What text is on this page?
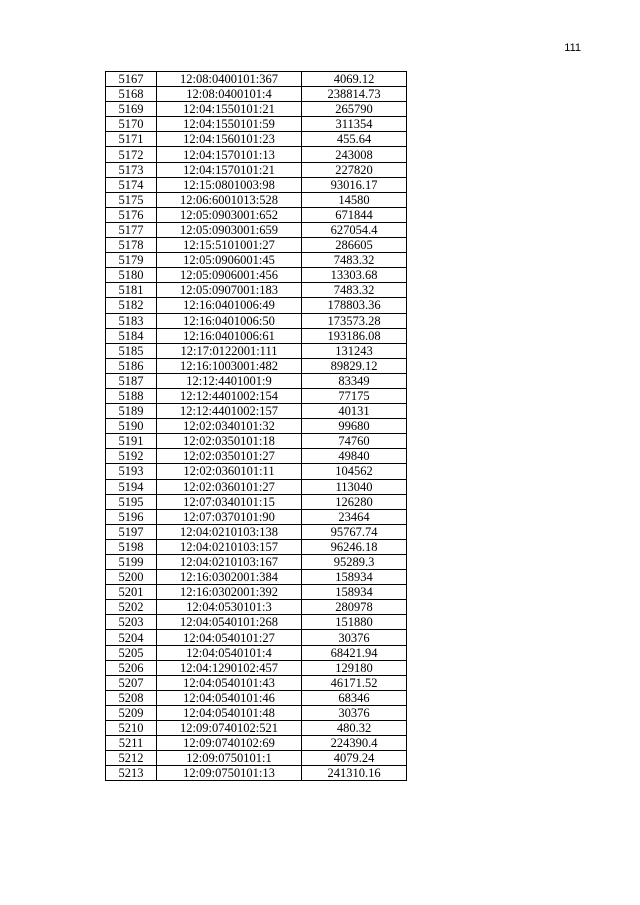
111
5167	12:08:0400101:367	4069.12
5168	12:08:0400101:4	238814.73
5169	12:04:1550101:21	265790
5170	12:04:1550101:59	311354
5171	12:04:1560101:23	455.64
5172	12:04:1570101:13	243008
5173	12:04:1570101:21	227820
5174	12:15:0801003:98	93016.17
5175	12:06:6001013:528	14580
5176	12:05:0903001:652	671844
5177	12:05:0903001:659	627054.4
5178	12:15:5101001:27	286605
5179	12:05:0906001:45	7483.32
5180	12:05:0906001:456	13303.68
5181	12:05:0907001:183	7483.32
5182	12:16:0401006:49	178803.36
5183	12:16:0401006:50	173573.28
5184	12:16:0401006:61	193186.08
5185	12:17:0122001:111	131243
5186	12:16:1003001:482	89829.12
5187	12:12:4401001:9	83349
5188	12:12:4401002:154	77175
5189	12:12:4401002:157	40131
5190	12:02:0340101:32	99680
5191	12:02:0350101:18	74760
5192	12:02:0350101:27	49840
5193	12:02:0360101:11	104562
5194	12:02:0360101:27	113040
5195	12:07:0340101:15	126280
5196	12:07:0370101:90	23464
5197	12:04:0210103:138	95767.74
5198	12:04:0210103:157	96246.18
5199	12:04:0210103:167	95289.3
5200	12:16:0302001:384	158934
5201	12:16:0302001:392	158934
5202	12:04:0530101:3	280978
5203	12:04:0540101:268	151880
5204	12:04:0540101:27	30376
5205	12:04:0540101:4	68421.94
5206	12:04:1290102:457	129180
5207	12:04:0540101:43	46171.52
5208	12:04:0540101:46	68346
5209	12:04:0540101:48	30376
5210	12:09:0740102:521	480.32
5211	12:09:0740102:69	224390.4
5212	12:09:0750101:1	4079.24
5213	12:09:0750101:13	241310.16
